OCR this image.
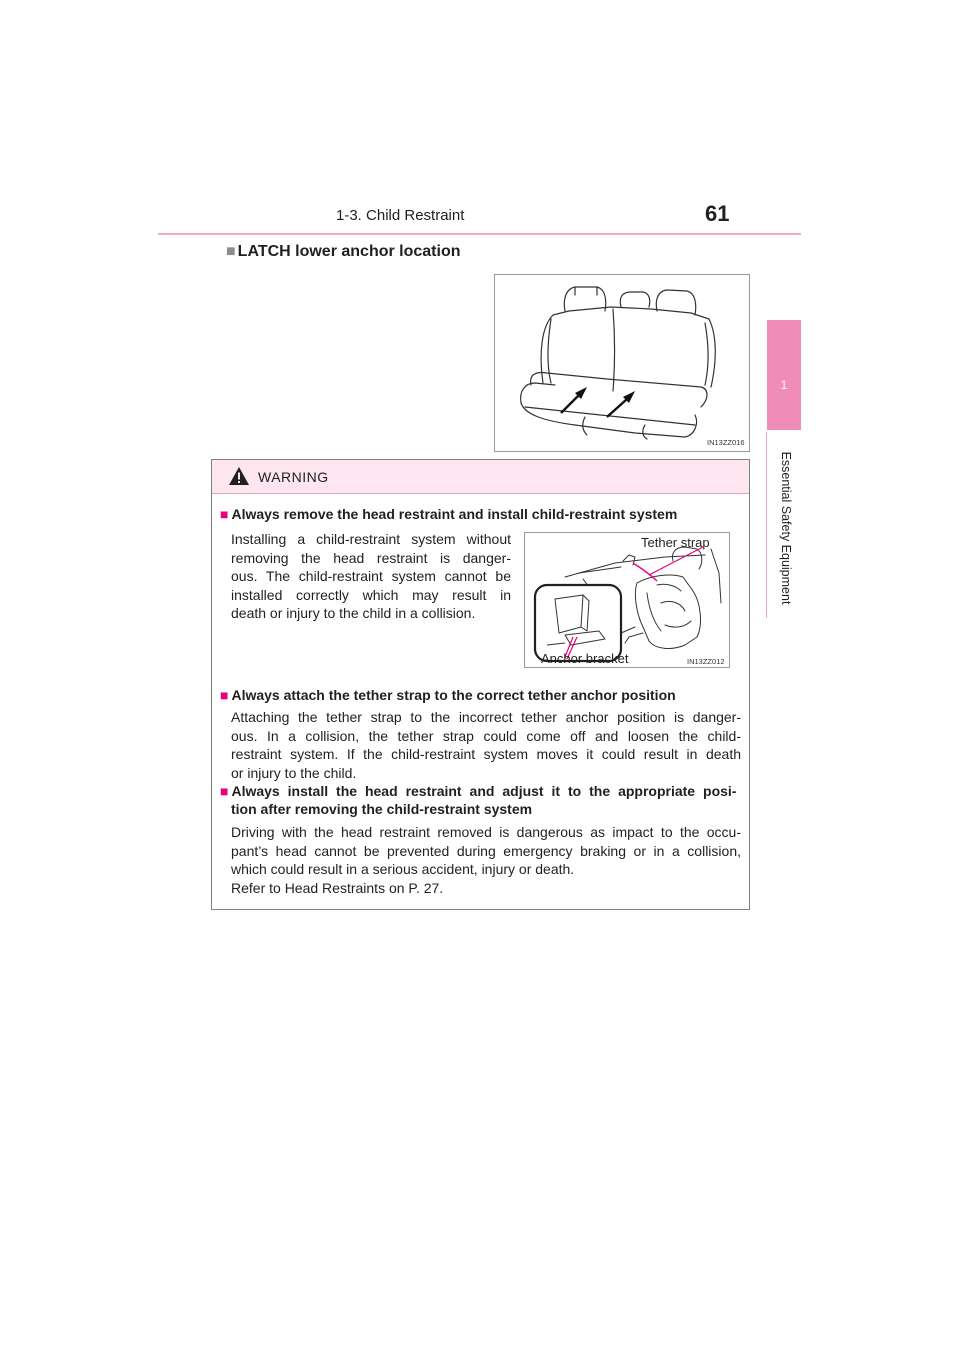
1-3. Child Restraint	61
1
Essential Safety Equipment
■ LATCH lower anchor location
IN13ZZ016
WARNING
■ Always remove the head restraint and install child-restraint system
Installing a child-restraint system without
removing the head restraint is danger-
ous. The child-restraint system cannot be
installed correctly which may result in
death or injury to the child in a collision.
Tether strap
Anchor bracket	IN13ZZ012
■ Always attach the tether strap to the correct tether anchor position
Attaching the tether strap to the incorrect tether anchor position is danger-
ous. In a collision, the tether strap could come off and loosen the child-
restraint system. If the child-restraint system moves it could result in death
or injury to the child.
■ Always install the head restraint and adjust it to the appropriate posi-
tion after removing the child-restraint system
Driving with the head restraint removed is dangerous as impact to the occu-
pant’s head cannot be prevented during emergency braking or in a collision,
which could result in a serious accident, injury or death.
Refer to Head Restraints on P. 27.
